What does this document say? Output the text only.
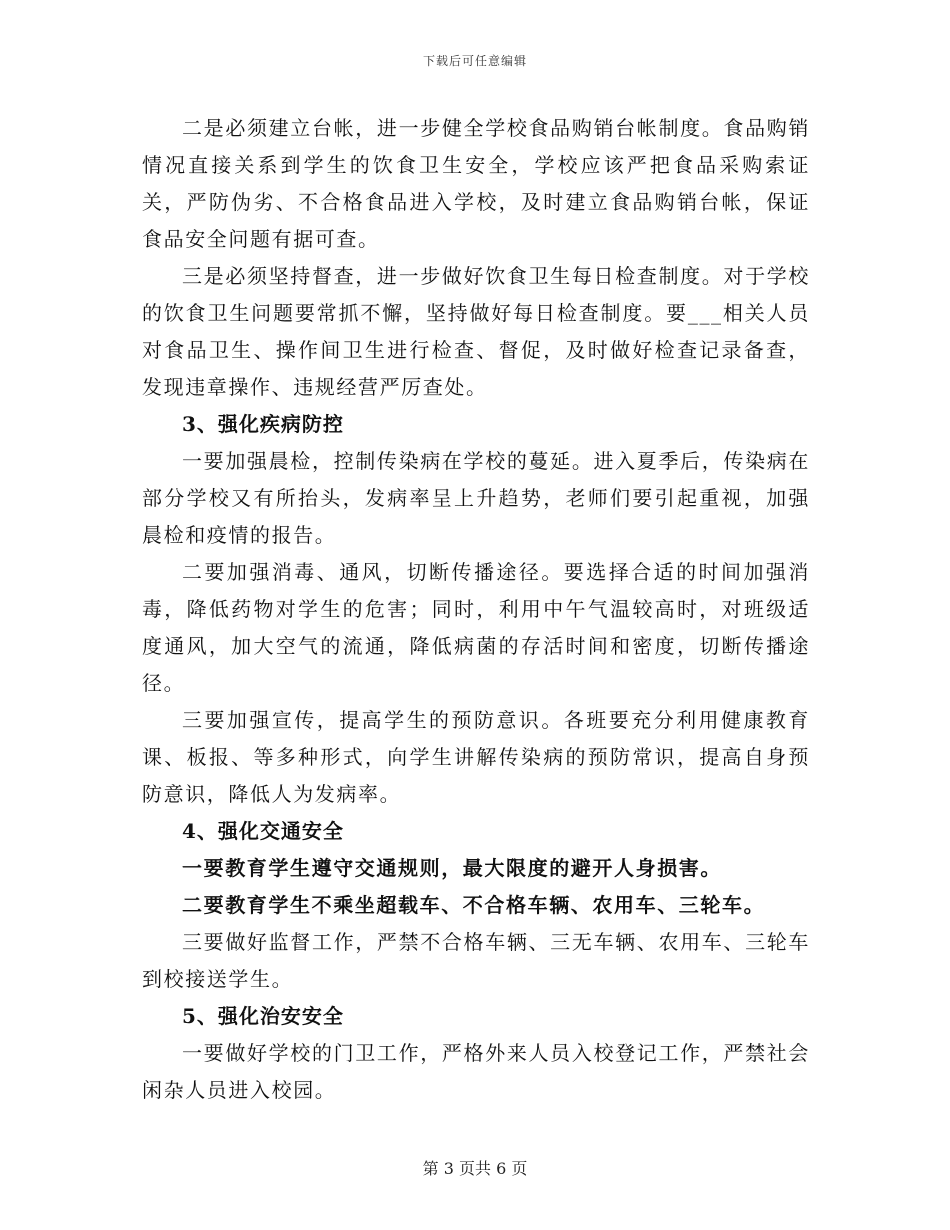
下载后可任意编辑

二是必须建立台帐，进一步健全学校食品购销台帐制度。食品购销情况直接关系到学生的饮食卫生安全，学校应该严把食品采购索证关，严防伪劣、不合格食品进入学校，及时建立食品购销台帐，保证食品安全问题有据可查。

三是必须坚持督查，进一步做好饮食卫生每日检查制度。对于学校的饮食卫生问题要常抓不懈，坚持做好每日检查制度。要___相关人员对食品卫生、操作间卫生进行检查、督促，及时做好检查记录备查，发现违章操作、违规经营严厉查处。

3、强化疾病防控

一要加强晨检，控制传染病在学校的蔓延。进入夏季后，传染病在部分学校又有所抬头，发病率呈上升趋势，老师们要引起重视，加强晨检和疫情的报告。

二要加强消毒、通风，切断传播途径。要选择合适的时间加强消毒，降低药物对学生的危害；同时，利用中午气温较高时，对班级适度通风，加大空气的流通，降低病菌的存活时间和密度，切断传播途径。

三要加强宣传，提高学生的预防意识。各班要充分利用健康教育课、板报、等多种形式，向学生讲解传染病的预防常识，提高自身预防意识，降低人为发病率。

4、强化交通安全

一要教育学生遵守交通规则，最大限度的避开人身损害。

二要教育学生不乘坐超载车、不合格车辆、农用车、三轮车。

三要做好监督工作，严禁不合格车辆、三无车辆、农用车、三轮车到校接送学生。

5、强化治安安全

一要做好学校的门卫工作，严格外来人员入校登记工作，严禁社会闲杂人员进入校园。

第 3 页共 6 页
